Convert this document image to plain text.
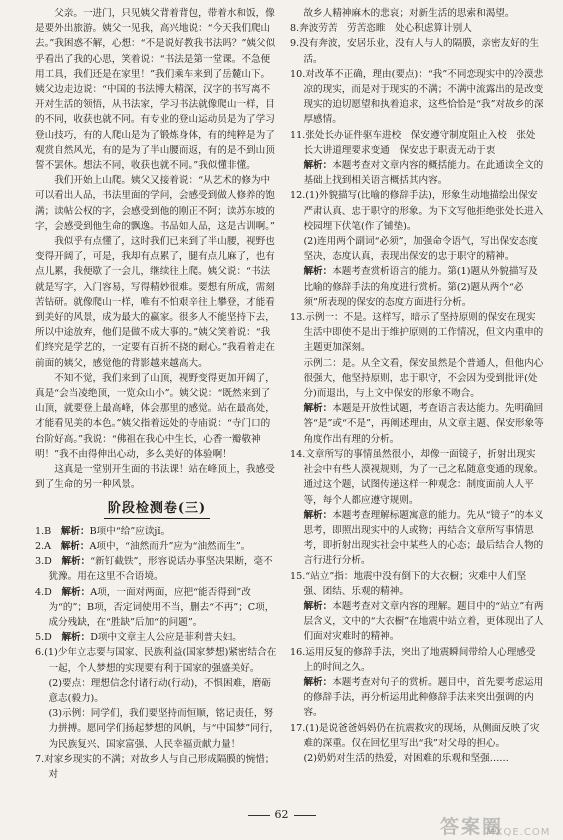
父亲。一进门，只见姨父背着背包，带着水和饭，像是要外出旅游。姨父一见我，高兴地说：“今天我们爬山去。”我困惑不解，心想：“不是说好教我书法吗？”姨父似乎看出了我的心思，笑着说：“书法是第一堂课。不急便用工具，我们还是在家里！”我们乘车来到了岳麓山下。姨父边走边说：“中国的书法博大精深，汉字的书写离不开对生活的领悟，从书法家，学习书法就像爬山一样，目的不同，收获也就不同。有专业的登山运动员是为了学习登山技巧，有的人爬山是为了锻炼身体，有的纯粹是为了观赏自然风光，有的是为了半山腰而返，有的是不到山顶誓不罢休。想法不同，收获也就不同。”我似懂非懂。

我们开始上山爬。姨父又接着说：“从艺术的修为中可以看出人品，书法里面的学问，会感受到做人修养的饱满；读帖公权的字，会感受到他的刚正不阿；读苏东坡的字，会感受到他生命的飘逸。书品如人品，这是古训啊。”

我似乎有点懂了，这时我们已来到了半山腰，视野也变得开阔了，可是，我却有点累了，腿有点儿麻了，也有点儿累，我便歇了一会儿，继续往上爬。姨父说：“书法就是写字，入门容易，写得精妙很难。要想有所成，需刻苦钻研。就像爬山一样，唯有不怕艰辛往上攀登，才能看到美好的风景，成为最大的赢家。很多人不能坚持下去，所以中途放弃，他们是做不成大事的。”姨父笑着说：“我们终究是学艺的，一定要有百折不挠的耐心。”我看着走在前面的姨父，感觉他的背影越来越高大。

不知不觉，我们来到了山顶，视野变得更加开阔了，真是“会当凌绝顶，一览众山小”。姨父说：“既然来到了山顶，就要登上最高峰，体会那里的感觉。站在最高处，才能看见美的本色。”姨父指着远处的寺庙说：“寺门口的台阶好高。”我说：“佛祖在我心中生长，心香一瓣敬神明！”我不由得伸出心动，多么美好的体验啊！

这真是一堂别开生面的书法课！站在峰顶上，我感受到了生命的另一种风景。

阶段检测卷(三)

1.B　解析：B项中“给”应读jǐ。

2.A　解析：A项中，“油然而升”应为“油然而生”。

3.D　解析：“新钉截铁”，形容说话办事坚决果断，毫不犹豫。用在这里不合语境。

4.D　解析：A项，一面对两面，应把“能否得到”改为“的”；B项，否定词使用不当，删去“不再”；C项，成分残缺，在“胜缺”后加“的问题”。

5.D　解析：D项中文章主人公应是菲利普夫妇。

6.(1)少年立志要与国家、民族利益(国家梦想)紧密结合在一起，个人梦想的实现要有利于国家的强盛美好。

(2)要点：理想信念付诸行动(行动)，不惧困难，磨砺意志(毅力)。

(3)示例：同学们，我们要坚持而恒顺，铭记责任，努力拼搏。愿同学们扬起梦想的风帆，与“中国梦”同行，为民族复兴、国家富强、人民幸福贡献力量！

7.对家乡现实的不满；对故乡人与自己形成隔膜的惋惜；对

故乡人精神麻木的悲哀；对新生活的思索和渴望。

8.奔波劳苦　劳苦恣睢　处心积虑算计别人

9.没有奔波，安居乐业，没有人与人的隔膜，亲密友好的生活。

10.对改革不正确，理由(要点)：“我”不同恋现实中的冷漠悲凉的现实，而是对于现实的不满；不满中流露出的是改变现实的迫切愿望和执着追求，这些恰恰是“我”对故乡的深厚感情。

11.张处长办证件驱车进校　保安遵守制度阻止入校　张处长大讲道理要求变通　保安忠于职责无动于衷

解析：本题考查对文章内容的概括能力。在此通读全文的基础上找到相关语言概括其内容。

12.(1)外貌描写(比喻的修辞手法)，形象生动地描绘出保安严肃认真、忠于职守的形象。为下文写他拒绝张处长进入校园埋下伏笔(作了铺垫)。

(2)连用两个副词“必须”，加强命令语气，写出保安态度坚决，态度认真，表现出保安的忠于职守的精神。

解析：本题考查赏析语言的能力。第(1)题从外貌描写及比喻的修辞手法的角度进行赏析。第(2)题从两个“必须”所表现的保安的态度方面进行分析。

13.示例一：不是。这样写，暗示了坚持原则的保安在现实生活中即使不是出于维护原则的工作情况，但文内重申的主题更加深刻。

示例二：是。从全文看，保安虽然是个普通人，但他内心很强大，他坚持原则，忠于职守，不会因为受到批评(处分)而退出，与上文中保安的形象不吻合。

解析：本题是开放性试题，考查语言表达能力。先明确回答“是”或“不是”，再阐述理由，从文章主题、保安形象等角度作出有理的分析。

14.文章所写的事情虽然很小，却像一面镜子，折射出现实社会中有些人漠视规则，为了一己之私随意变通的现象。通过这个题，试图传递这样一种观念：制度面前人人平等，每个人都应遵守规则。

解析：本题考查理解标题寓意的能力。先从“镜子”的本义思考，即照出现实中的人或物；再结合文章所写事情思考，即折射出现实社会中某些人的心态；最后结合人物的言行进行分析。

15.“站立”指：地震中没有倒下的大衣橱；灾难中人们坚强、团结、乐观的精神。

解析：本题考查对文章内容的理解。题目中的“站立”有两层含义，文中的“大衣橱”在地震中站立着，更体现出了人们面对灾难时的精神。

16.运用反复的修辞手法，突出了地震瞬间带给人心理感受上的时间之久。

解析：本题考查对句子的赏析。题目中，首先要考虑运用的修辞手法，再分析运用此种修辞手法来突出强调的内容。

17.(1)是说爸爸妈妈仍在抗震救灾的现场，从侧面反映了灾难的深重。仅在回忆里写出“我”对父母的担心。

(2)奶奶对生活的热爱，对困难的乐观和坚强……

62
答案圈
MXQE.COM
